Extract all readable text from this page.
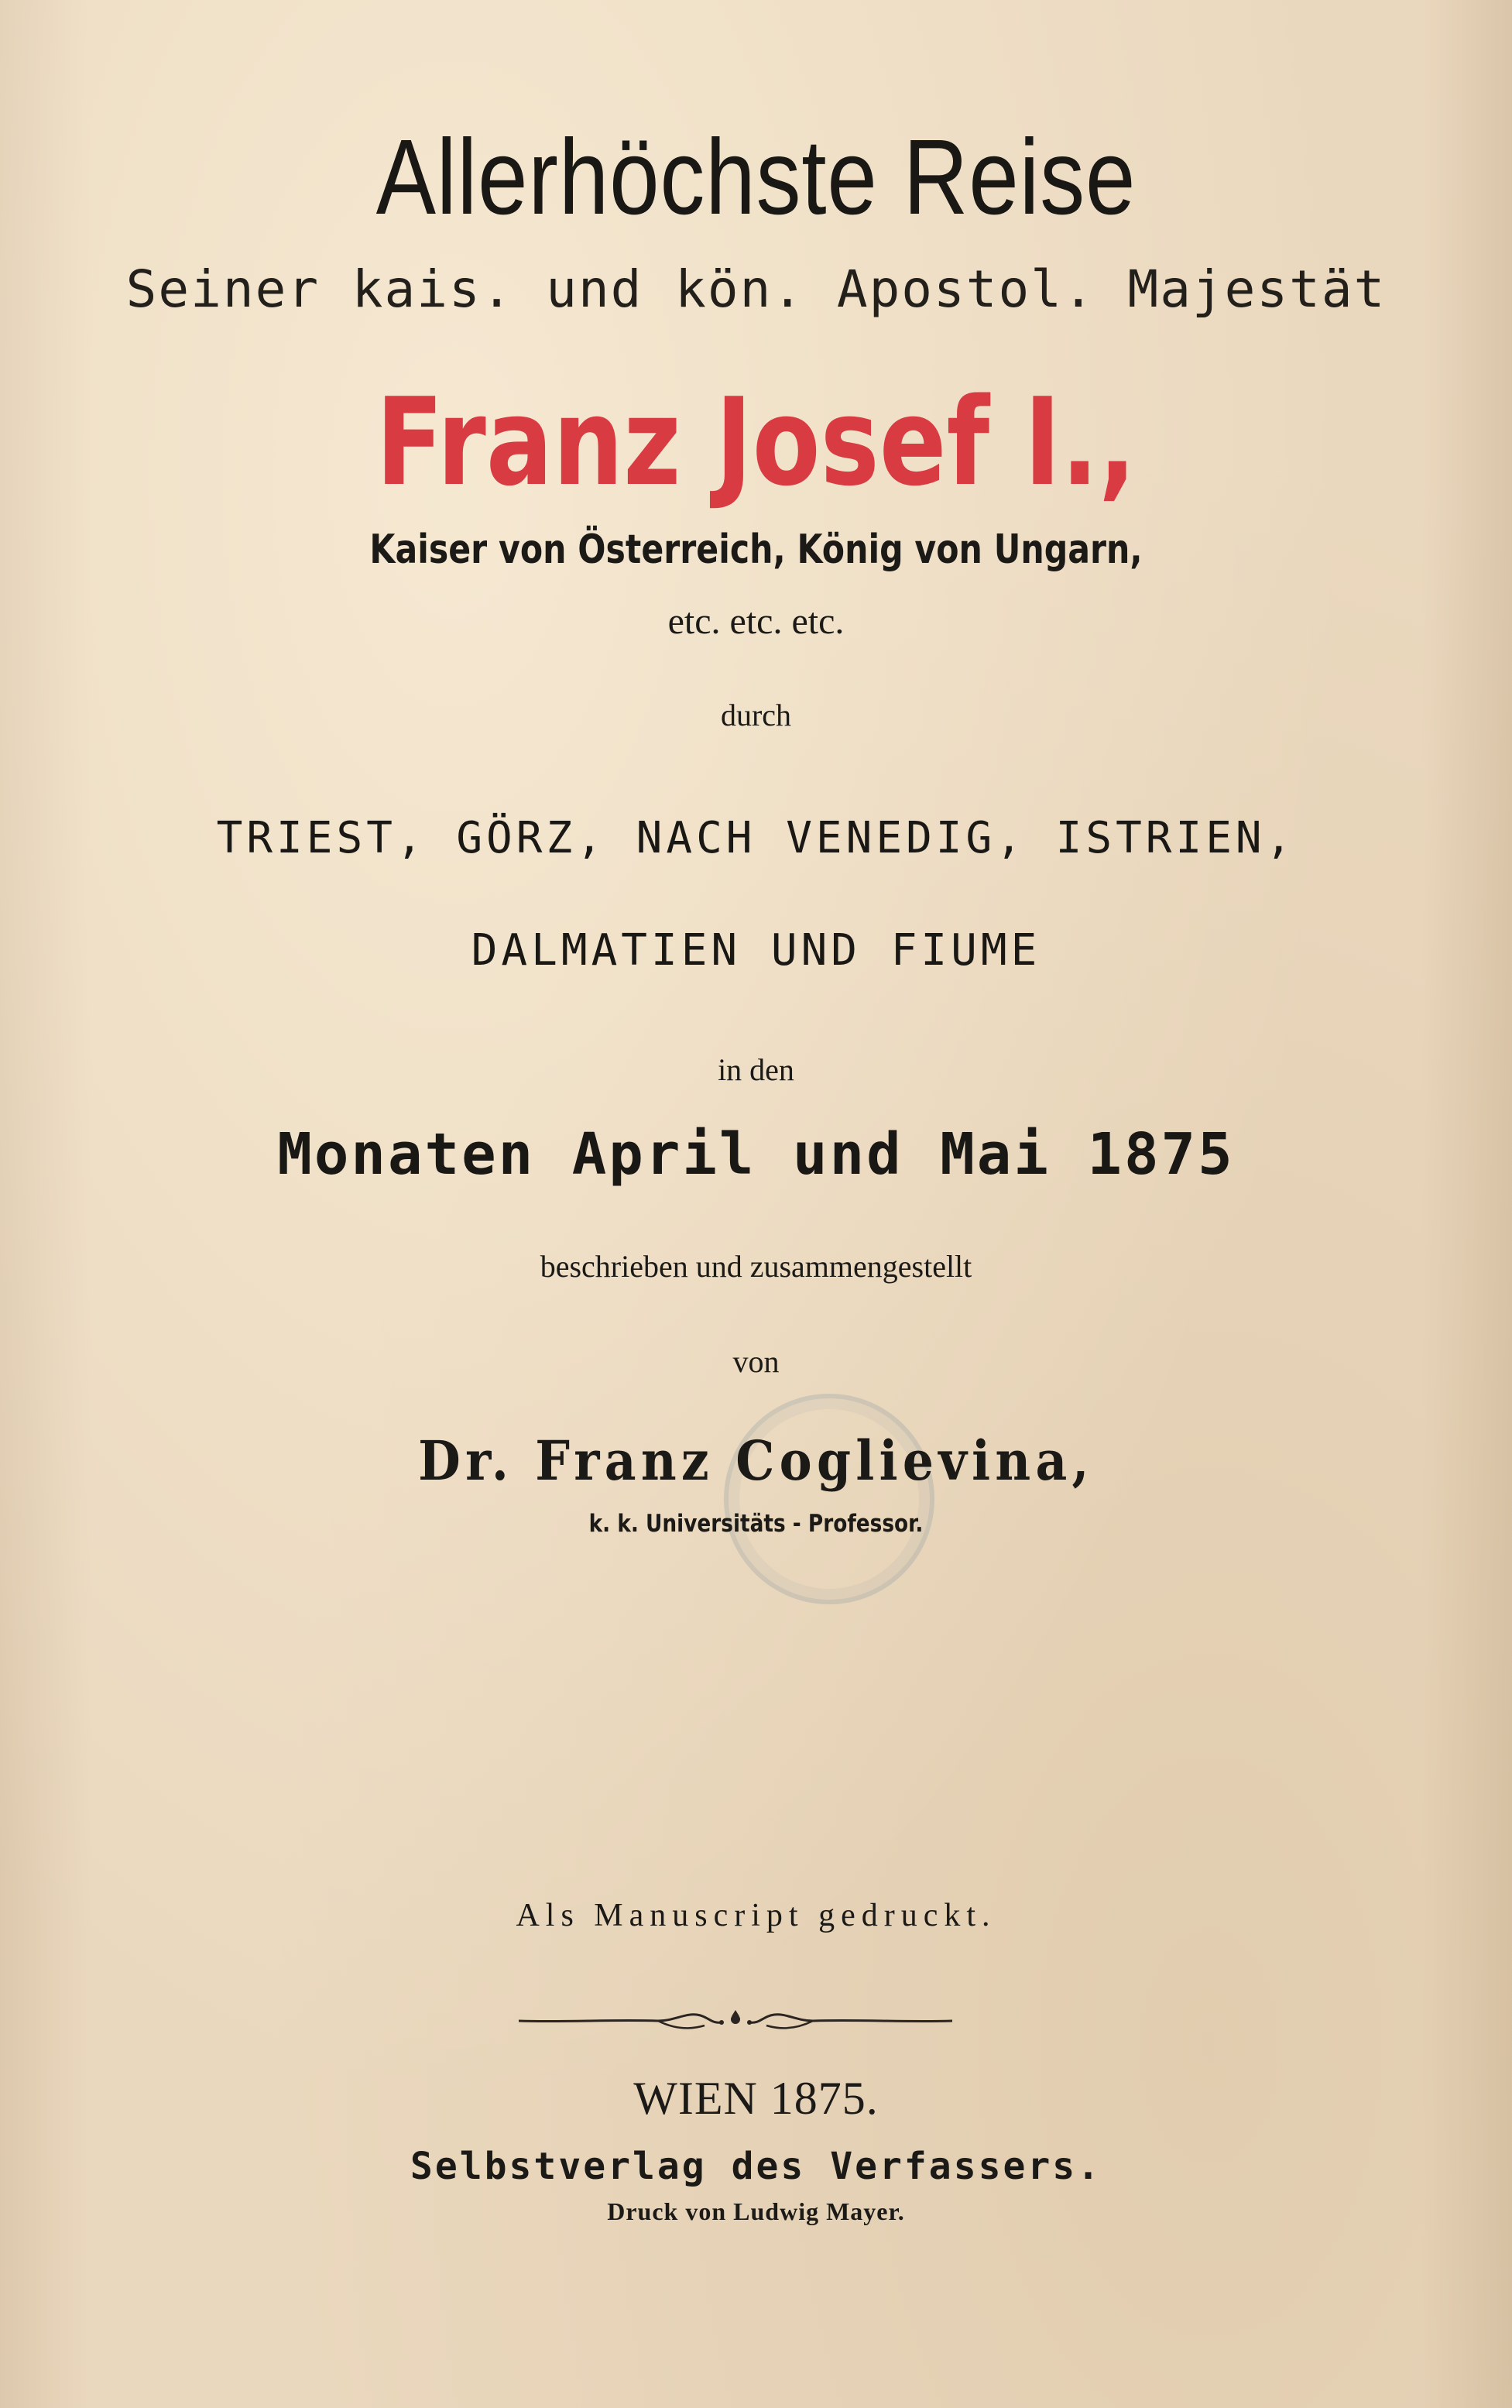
Allerhöchste Reise
Seiner kais. und kön. Apostol. Majestät
Franz Josef I.,
Kaiser von Österreich, König von Ungarn,
etc. etc. etc.
durch
TRIEST, GÖRZ, NACH VENEDIG, ISTRIEN,
DALMATIEN UND FIUME
in den
Monaten April und Mai 1875
beschrieben und zusammengestellt
von
Dr. Franz Coglievina,
k. k. Universitäts - Professor.
Als Manuscript gedruckt.
WIEN 1875.
Selbstverlag des Verfassers.
Druck von Ludwig Mayer.
